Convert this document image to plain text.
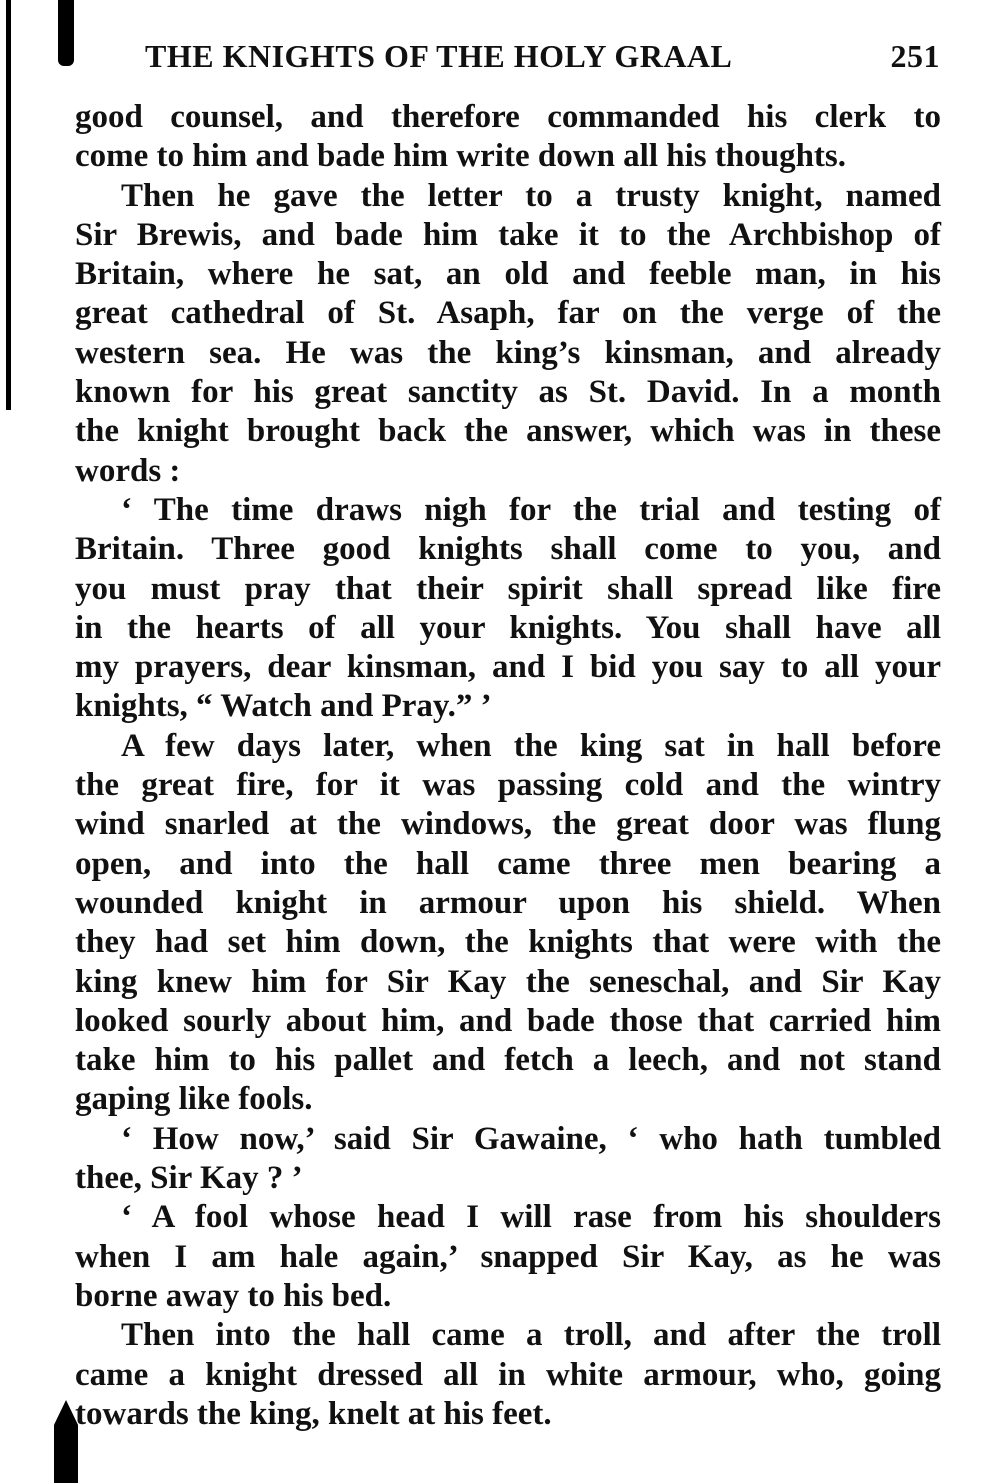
THE KNIGHTS OF THE HOLY GRAAL	251
good counsel, and therefore commanded his clerk to
come to him and bade him write down all his thoughts.
Then he gave the letter to a trusty knight, named
Sir Brewis, and bade him take it to the Archbishop of
Britain, where he sat, an old and feeble man, in his
great cathedral of St. Asaph, far on the verge of the
western sea. He was the king’s kinsman, and already
known for his great sanctity as St. David. In a month
the knight brought back the answer, which was in these
words :
‘ The time draws nigh for the trial and testing of
Britain. Three good knights shall come to you, and
you must pray that their spirit shall spread like fire
in the hearts of all your knights. You shall have all
my prayers, dear kinsman, and I bid you say to all your
knights, “ Watch and Pray.” ’
A few days later, when the king sat in hall before
the great fire, for it was passing cold and the wintry
wind snarled at the windows, the great door was flung
open, and into the hall came three men bearing a
wounded knight in armour upon his shield. When
they had set him down, the knights that were with the
king knew him for Sir Kay the seneschal, and Sir Kay
looked sourly about him, and bade those that carried him
take him to his pallet and fetch a leech, and not stand
gaping like fools.
‘ How now,’ said Sir Gawaine, ‘ who hath tumbled
thee, Sir Kay ? ’
‘ A fool whose head I will rase from his shoulders
when I am hale again,’ snapped Sir Kay, as he was
borne away to his bed.
Then into the hall came a troll, and after the troll
came a knight dressed all in white armour, who, going
towards the king, knelt at his feet.
